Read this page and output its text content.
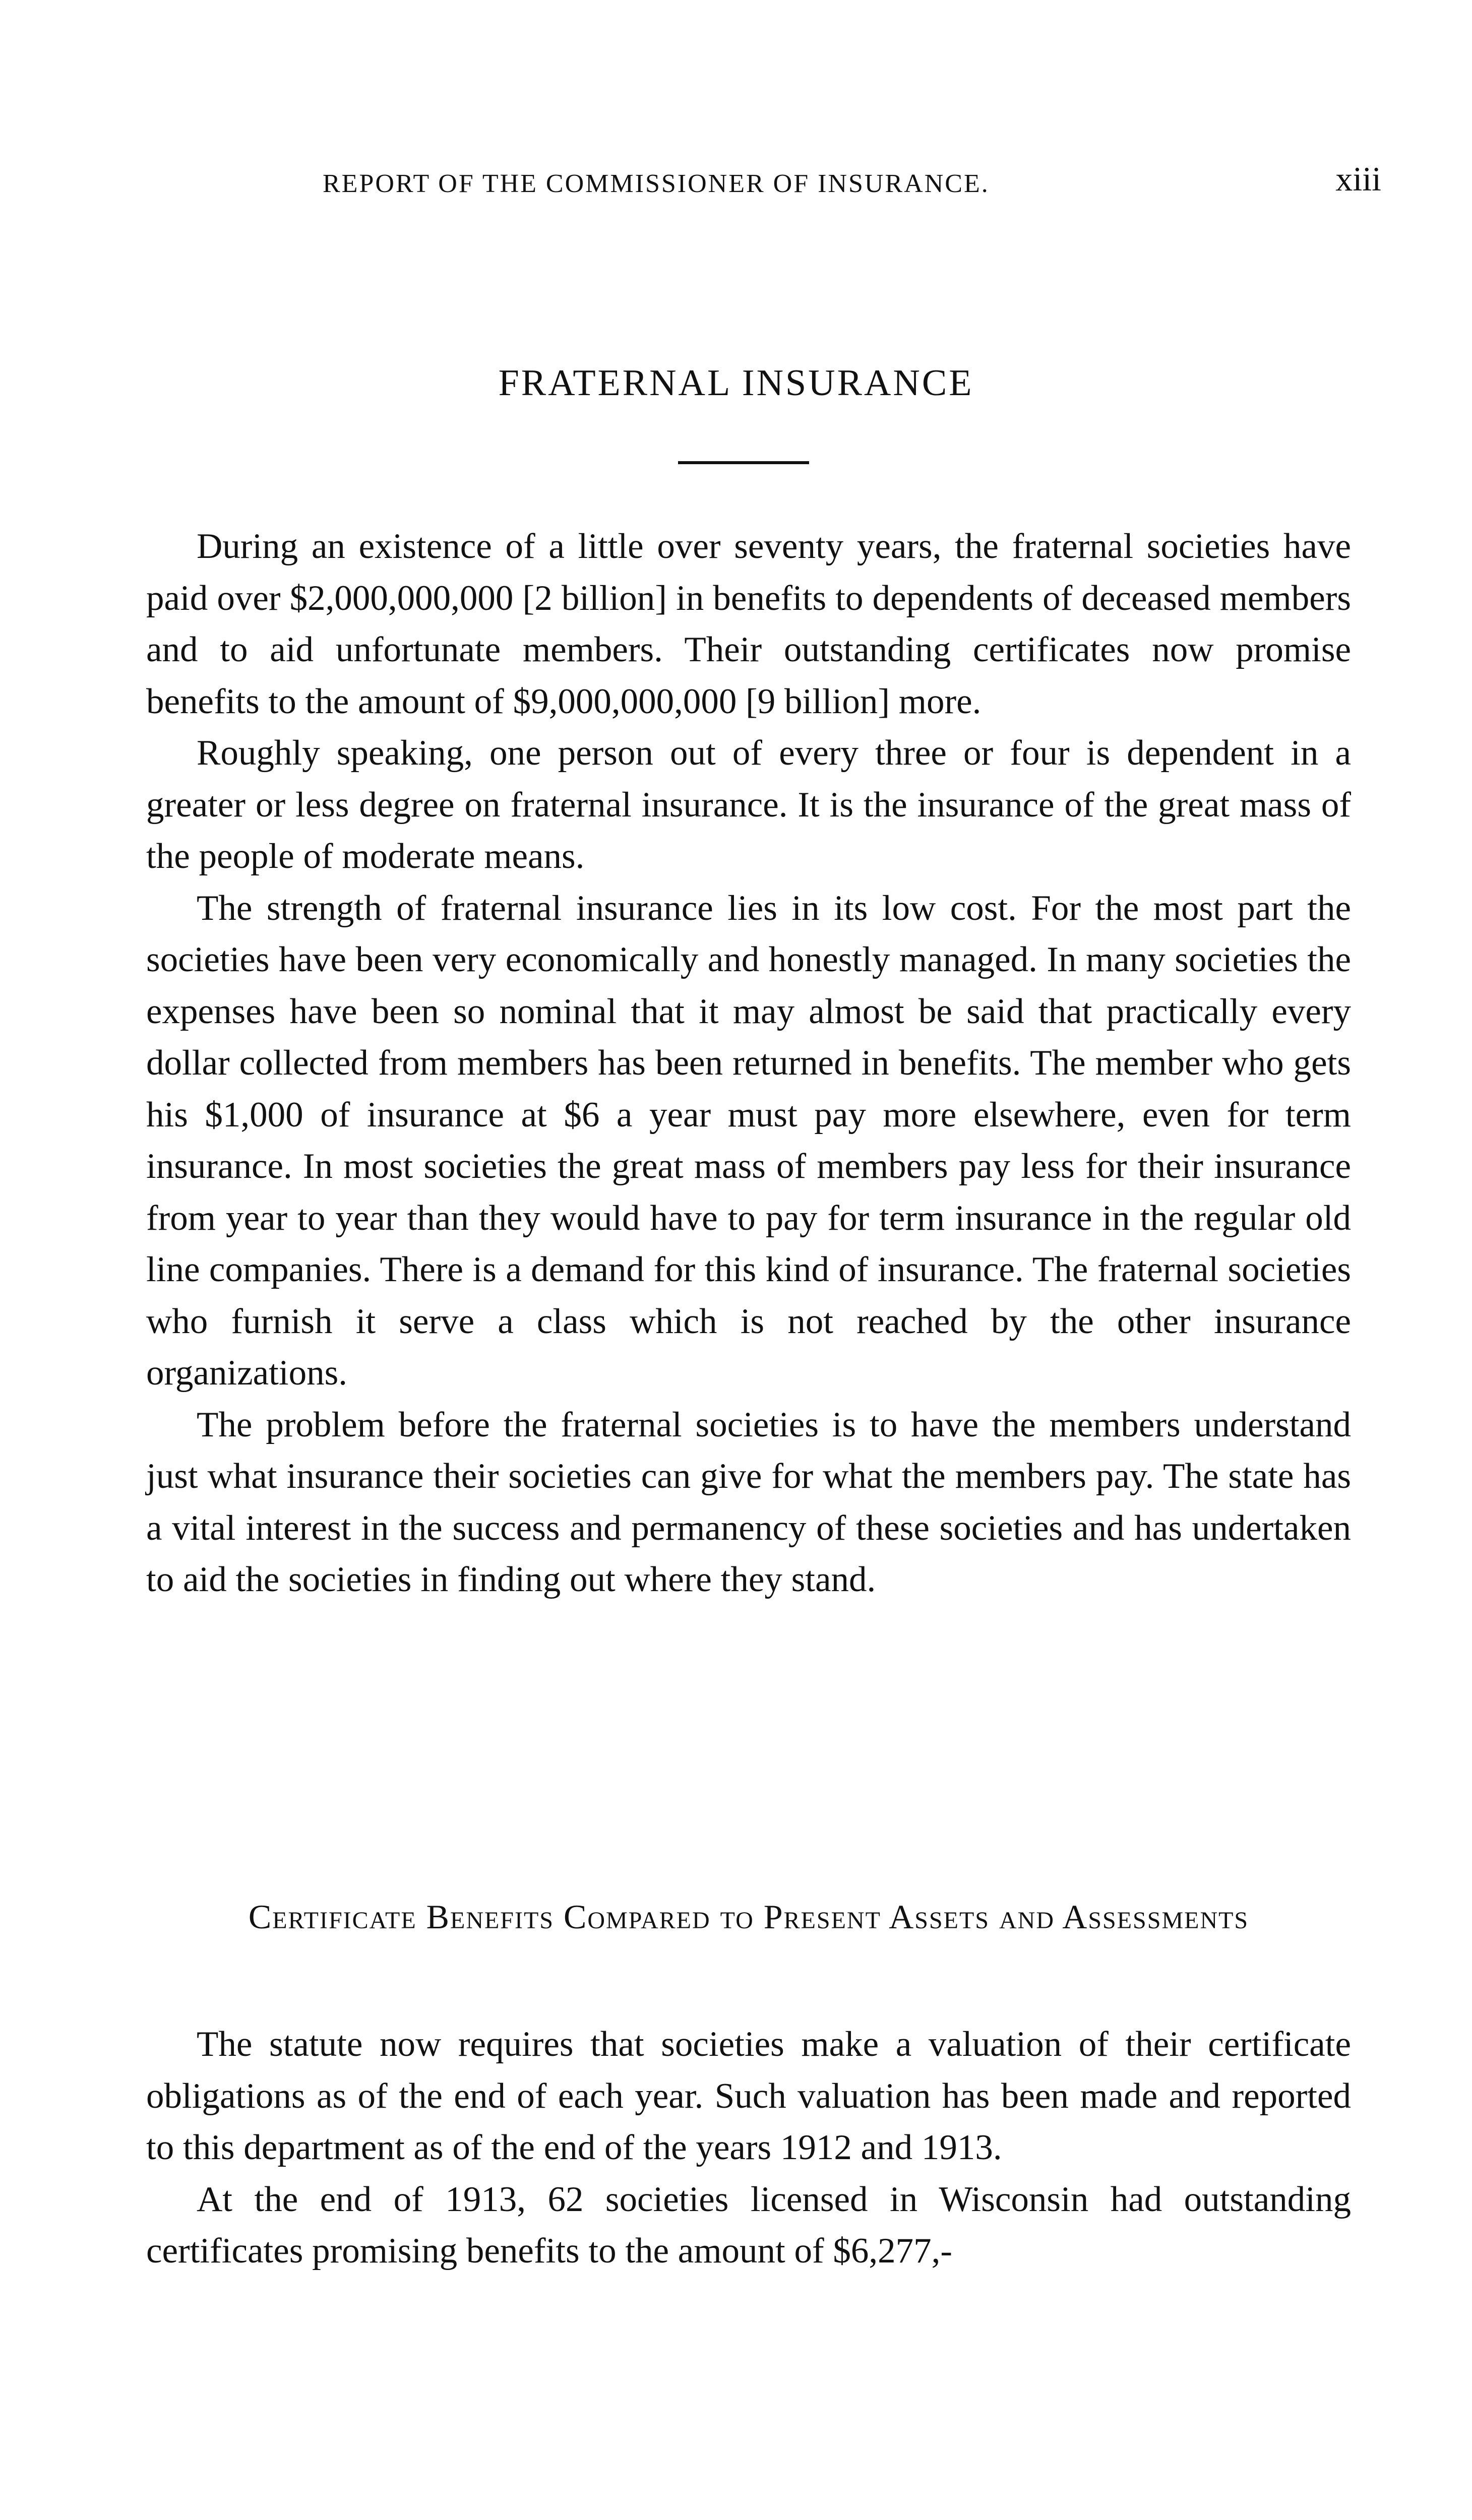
REPORT OF THE COMMISSIONER OF INSURANCE.	xiii
FRATERNAL INSURANCE

During an existence of a little over seventy years, the fraternal societies have paid over $2,000,000,000 [2 billion] in benefits to dependents of deceased members and to aid unfortunate members. Their outstanding certificates now promise benefits to the amount of $9,000,000,000 [9 billion] more.

Roughly speaking, one person out of every three or four is dependent in a greater or less degree on fraternal insurance. It is the insurance of the great mass of the people of moderate means.

The strength of fraternal insurance lies in its low cost. For the most part the societies have been very economically and honestly managed. In many societies the expenses have been so nominal that it may almost be said that practically every dollar collected from members has been returned in benefits. The member who gets his $1,000 of insurance at $6 a year must pay more elsewhere, even for term insurance. In most societies the great mass of members pay less for their insurance from year to year than they would have to pay for term insurance in the regular old line companies. There is a demand for this kind of insurance. The fraternal societies who furnish it serve a class which is not reached by the other insurance organizations.

The problem before the fraternal societies is to have the members understand just what insurance their societies can give for what the members pay. The state has a vital interest in the success and permanency of these societies and has undertaken to aid the societies in finding out where they stand.

Certificate Benefits Compared to Present Assets and Assessments

The statute now requires that societies make a valuation of their certificate obligations as of the end of each year. Such valuation has been made and reported to this department as of the end of the years 1912 and 1913.

At the end of 1913, 62 societies licensed in Wisconsin had outstanding certificates promising benefits to the amount of $6,277,-
